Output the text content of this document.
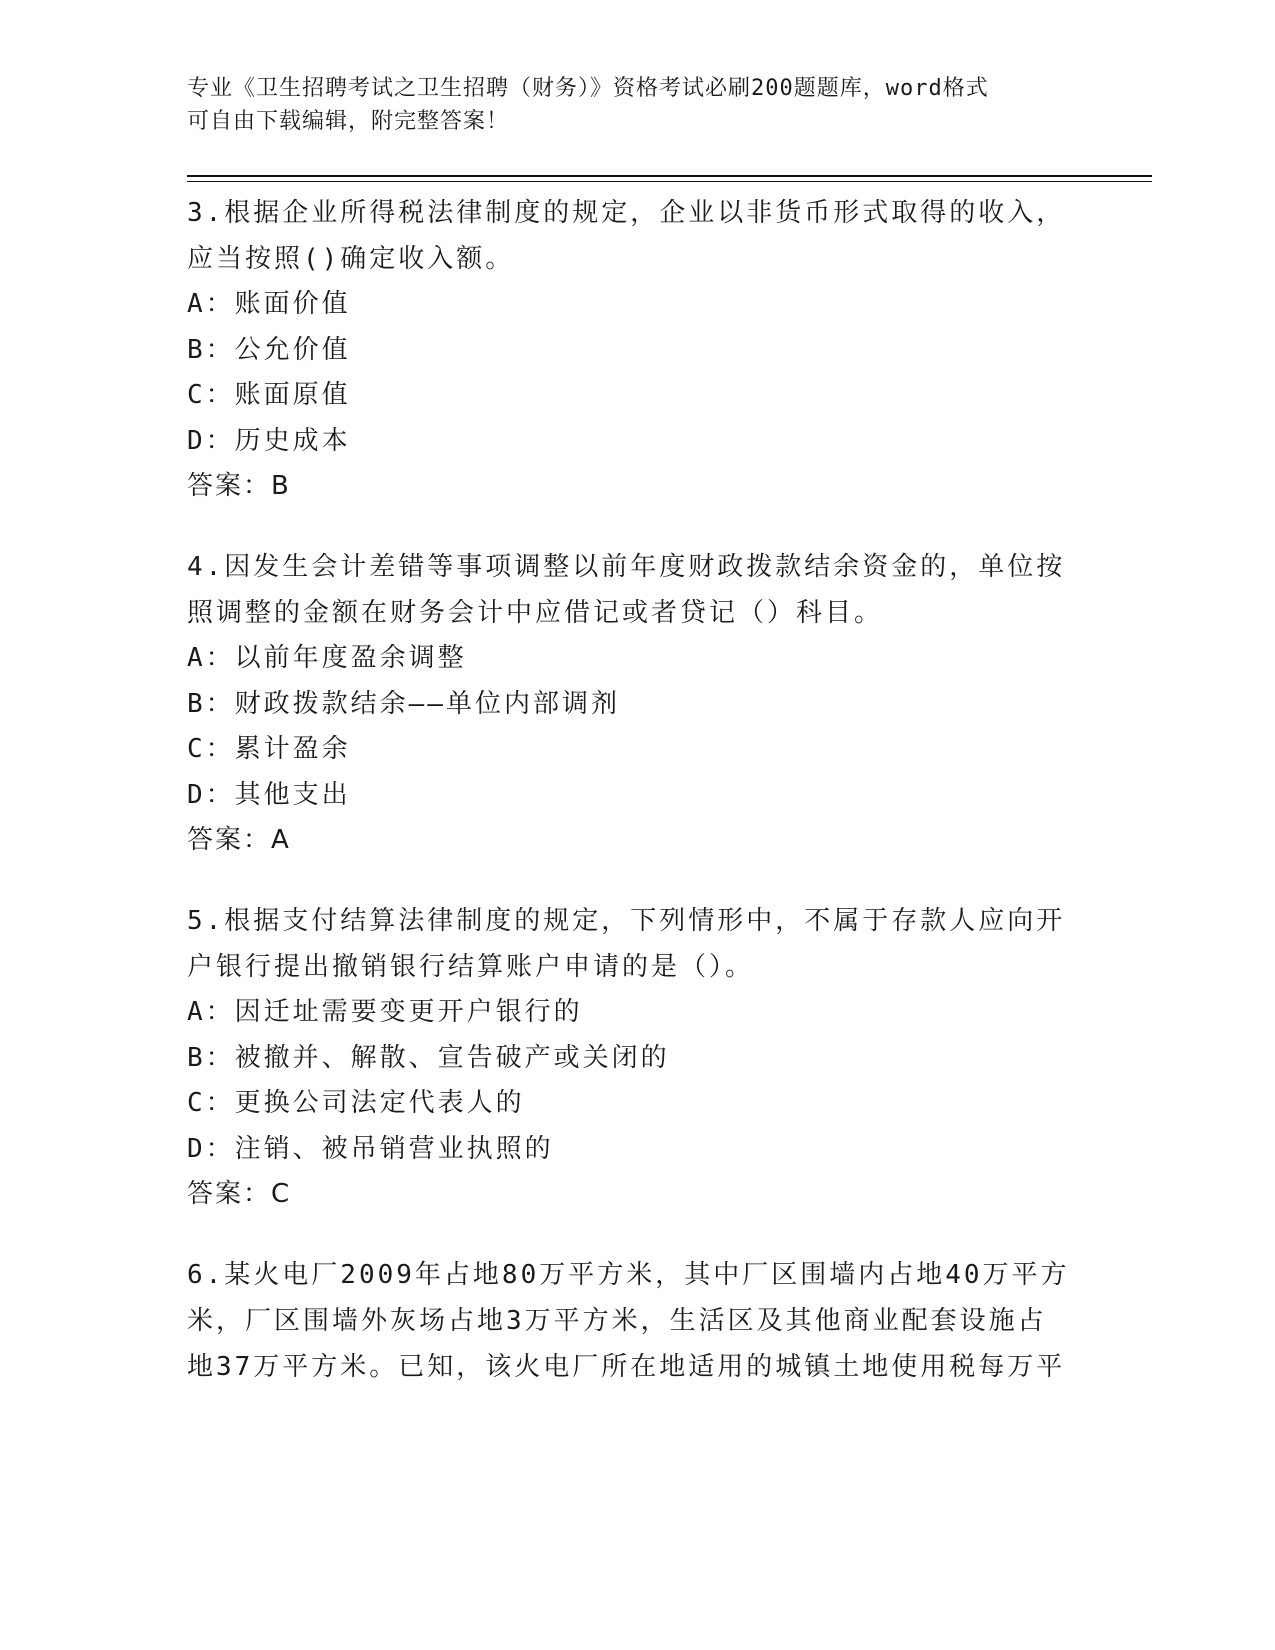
专业《卫生招聘考试之卫生招聘（财务）》资格考试必刷200题题库，word格式
可自由下载编辑，附完整答案！
3.根据企业所得税法律制度的规定，企业以非货币形式取得的收入，
应当按照()确定收入额。
A：账面价值
B：公允价值
C：账面原值
D：历史成本
答案：B
4.因发生会计差错等事项调整以前年度财政拨款结余资金的，单位按
照调整的金额在财务会计中应借记或者贷记（）科目。
A：以前年度盈余调整
B：财政拨款结余——单位内部调剂
C：累计盈余
D：其他支出
答案：A
5.根据支付结算法律制度的规定，下列情形中，不属于存款人应向开
户银行提出撤销银行结算账户申请的是（）。
A：因迁址需要变更开户银行的
B：被撤并、解散、宣告破产或关闭的
C：更换公司法定代表人的
D：注销、被吊销营业执照的
答案：C
6.某火电厂2009年占地80万平方米，其中厂区围墙内占地40万平方
米，厂区围墙外灰场占地3万平方米，生活区及其他商业配套设施占
地37万平方米。已知，该火电厂所在地适用的城镇土地使用税每万平
